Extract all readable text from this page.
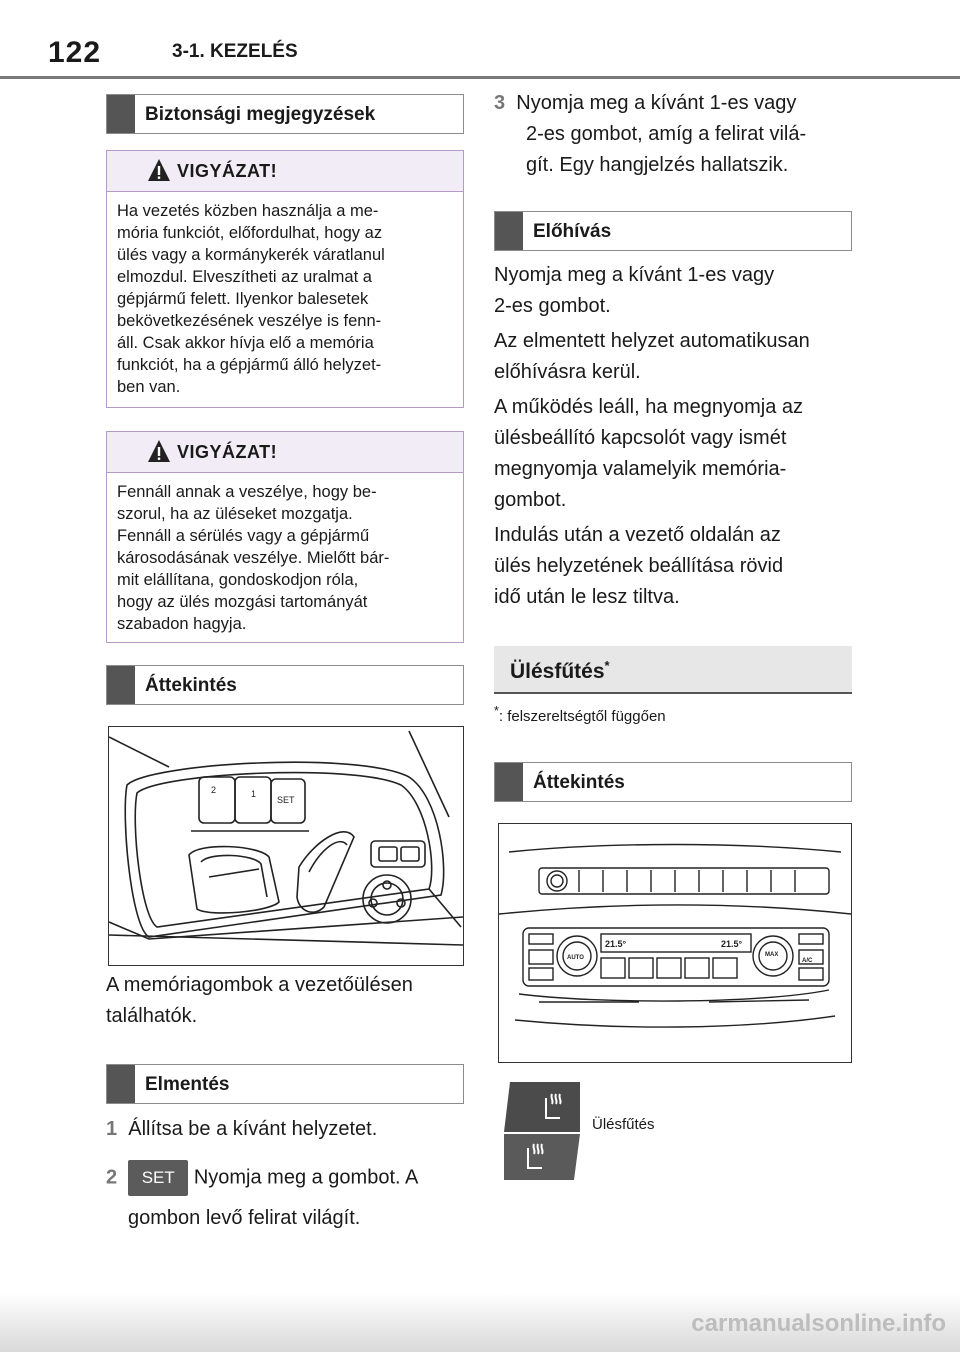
122	3-1. KEZELÉS
Biztonsági megjegyzések
VIGYÁZAT!
Ha vezetés közben használja a me-
mória funkciót, előfordulhat, hogy az
ülés vagy a kormánykerék váratlanul
elmozdul. Elveszítheti az uralmat a
gépjármű felett. Ilyenkor balesetek
bekövetkezésének veszélye is fenn-
áll. Csak akkor hívja elő a memória
funkciót, ha a gépjármű álló helyzet-
ben van.
VIGYÁZAT!
Fennáll annak a veszélye, hogy be-
szorul, ha az üléseket mozgatja.
Fennáll a sérülés vagy a gépjármű
károsodásának veszélye. Mielőtt bár-
mit elállítana, gondoskodjon róla,
hogy az ülés mozgási tartományát
szabadon hagyja.
Áttekintés
2	1
SET
A memóriagombok a vezetőülésen
találhatók.
Elmentés
1 Állítsa be a kívánt helyzetet.
2 SET Nyomja meg a gombot. A
gombon levő felirat világít.
3 Nyomja meg a kívánt 1-es vagy
2-es gombot, amíg a felirat vilá-
gít. Egy hangjelzés hallatszik.
Előhívás
Nyomja meg a kívánt 1-es vagy
2-es gombot.
Az elmentett helyzet automatikusan
előhívásra kerül.
A működés leáll, ha megnyomja az
ülésbeállító kapcsolót vagy ismét
megnyomja valamelyik memória-
gombot.
Indulás után a vezető oldalán az
ülés helyzetének beállítása rövid
idő után le lesz tiltva.
Ülésfűtés*
*: felszereltségtől függően
Áttekintés
21.5°	21.5°
AUTO	MAX
A/C
Ülésfűtés
carmanualsonline.info
